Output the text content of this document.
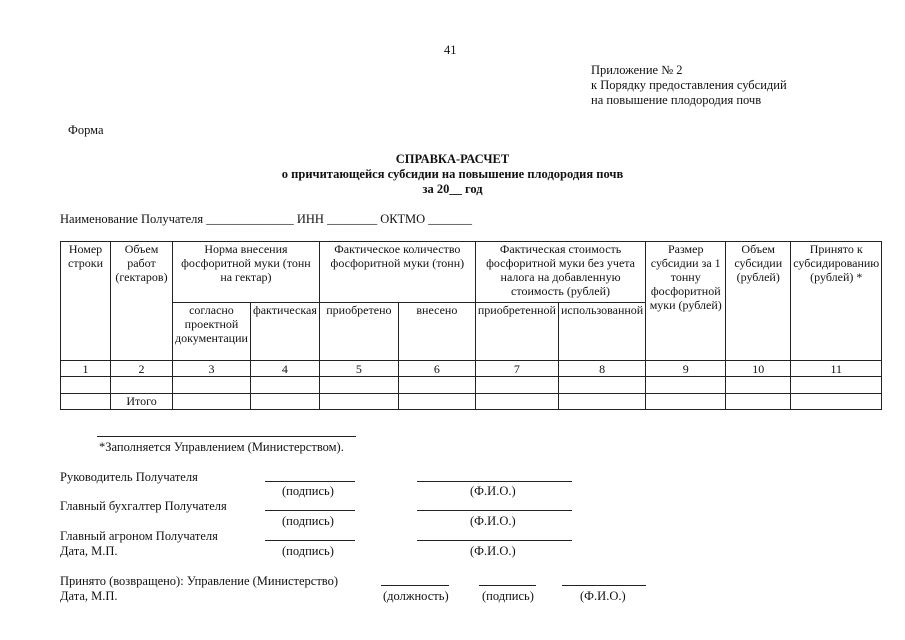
41
Приложение № 2
к Порядку предоставления субсидий
на повышение плодородия почв
Форма
СПРАВКА-РАСЧЕТ
о причитающейся субсидии на повышение плодородия почв
за 20__ год
Наименование Получателя ______________ ИНН ________ ОКТМО _______
Номер строки	Объем работ (гектаров)	Норма внесения фосфоритной муки (тонн на гектар)		Фактическое количество фосфоритной муки (тонн)		Фактическая стоимость фосфоритной муки без учета налога на добавленную стоимость (рублей)		Размер субсидии за 1 тонну фосфоритной муки (рублей)	Объем субсидии (рублей)	Принято к субсидированию (рублей) *
		согласно проектной документации	фактическая	приобретено	внесено	приобретенной	использованной			
1	2	3	4	5	6	7	8	9	10	11

	Итого									
*Заполняется Управлением (Министерством).
Руководитель Получателя
(подпись)	(Ф.И.О.)
Главный бухгалтер Получателя
(подпись)	(Ф.И.О.)
Главный агроном Получателя
Дата, М.П.	(подпись)	(Ф.И.О.)
Принято (возвращено): Управление (Министерство)
Дата, М.П.	(должность)	(подпись)	(Ф.И.О.)
